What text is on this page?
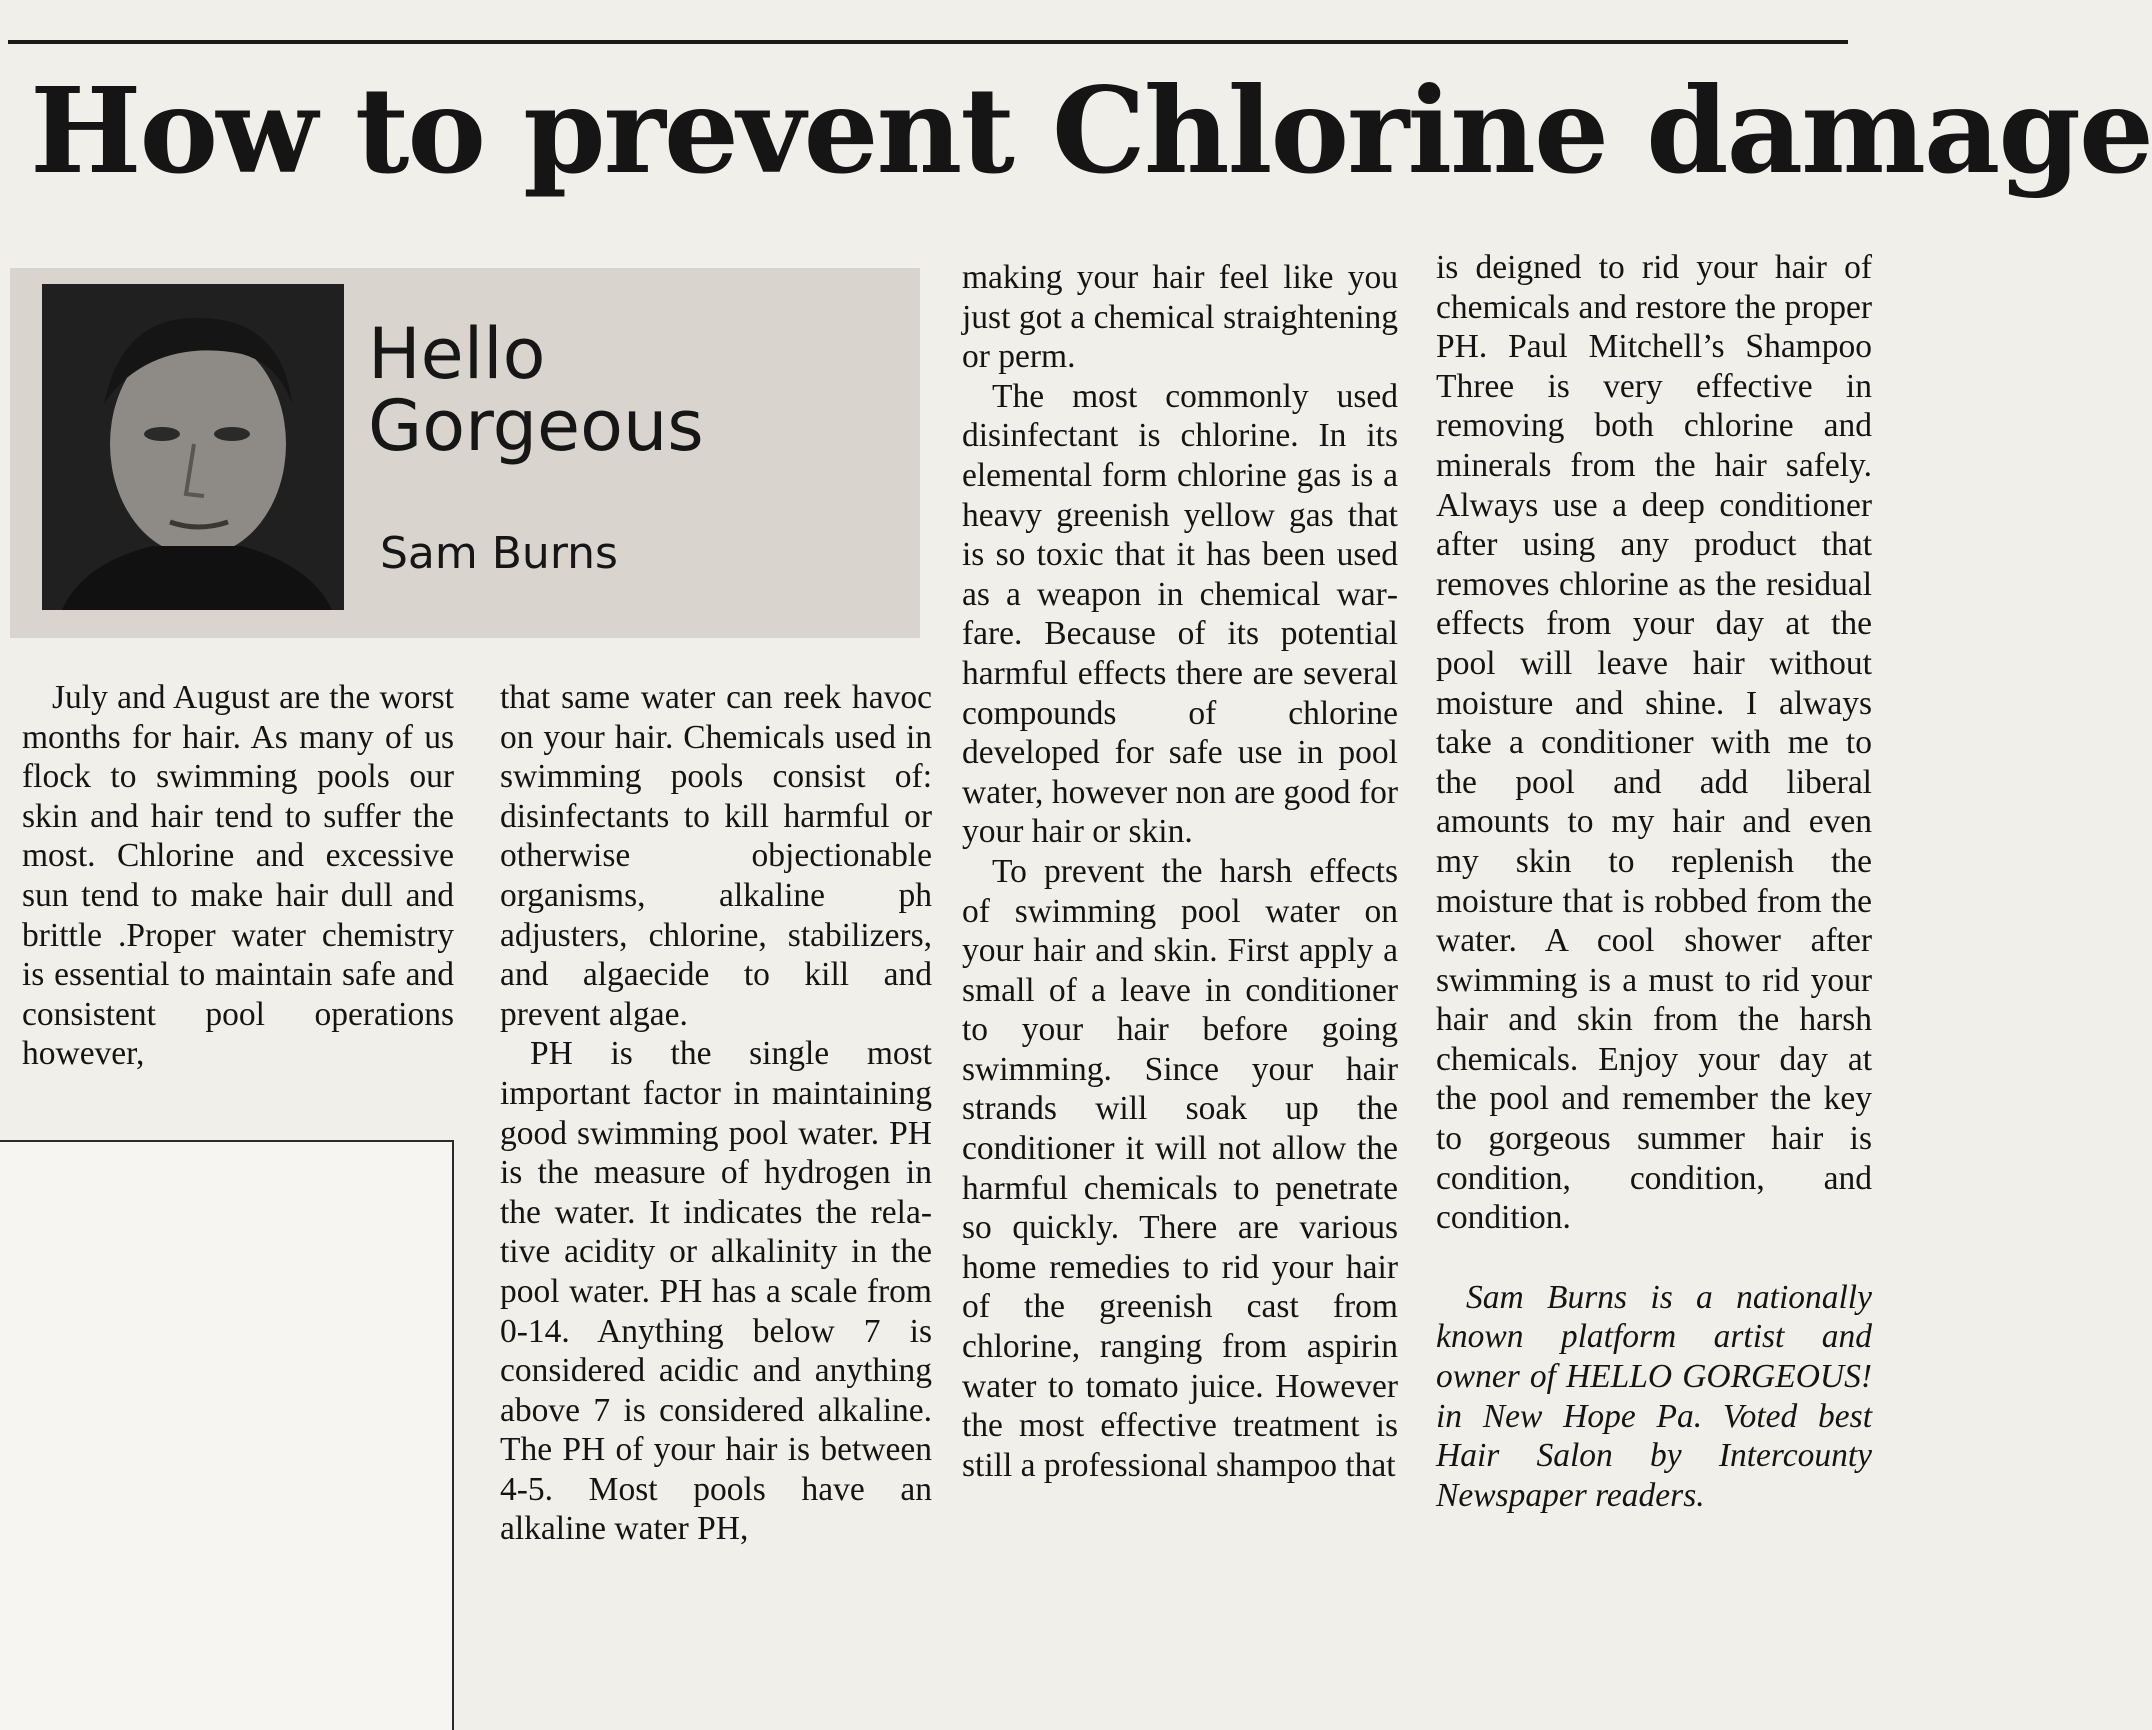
How to prevent Chlorine damage
Hello
Gorgeous
Sam Burns

July and August are the worst months for hair. As many of us flock to swimming pools our skin and hair tend to suffer the most. Chlorine and excessive sun tend to make hair dull and brittle .Proper water chemistry is essential to maintain safe and consistent pool operations however,

that same water can reek havoc on your hair. Chemicals used in swimming pools consist of: disinfectants to kill harmful or otherwise objectionable organisms, alkaline ph adjusters, chlorine, stabilizers, and algaecide to kill and prevent algae.

PH is the single most important factor in maintaining good swimming pool water. PH is the measure of hydrogen in the water. It indicates the relative acidity or alkalinity in the pool water. PH has a scale from 0-14. Anything below 7 is considered acidic and anything above 7 is considered alkaline. The PH of your hair is between 4-5. Most pools have an alkaline water PH,

making your hair feel like you just got a chemical straightening or perm.

The most commonly used disinfectant is chlorine. In its elemental form chlorine gas is a heavy greenish yellow gas that is so toxic that it has been used as a weapon in chemical warfare. Because of its potential harmful effects there are several compounds of chlorine developed for safe use in pool water, however non are good for your hair or skin.

To prevent the harsh effects of swimming pool water on your hair and skin. First apply a small of a leave in conditioner to your hair before going swimming. Since your hair strands will soak up the conditioner it will not allow the harmful chemicals to penetrate so quickly. There are various home remedies to rid your hair of the greenish cast from chlorine, ranging from aspirin water to tomato juice. However the most effective treatment is still a professional shampoo that

is deigned to rid your hair of chemicals and restore the proper PH. Paul Mitchell’s Shampoo Three is very effective in removing both chlorine and minerals from the hair safely. Always use a deep conditioner after using any product that removes chlorine as the residual effects from your day at the pool will leave hair without moisture and shine. I always take a conditioner with me to the pool and add liberal amounts to my hair and even my skin to replenish the moisture that is robbed from the water. A cool shower after swimming is a must to rid your hair and skin from the harsh chemicals. Enjoy your day at the pool and remember the key to gorgeous summer hair is condition, condition, and condition.

Sam Burns is a nationally known platform artist and owner of HELLO GORGEOUS! in New Hope Pa. Voted best Hair Salon by Intercounty Newspaper readers.
